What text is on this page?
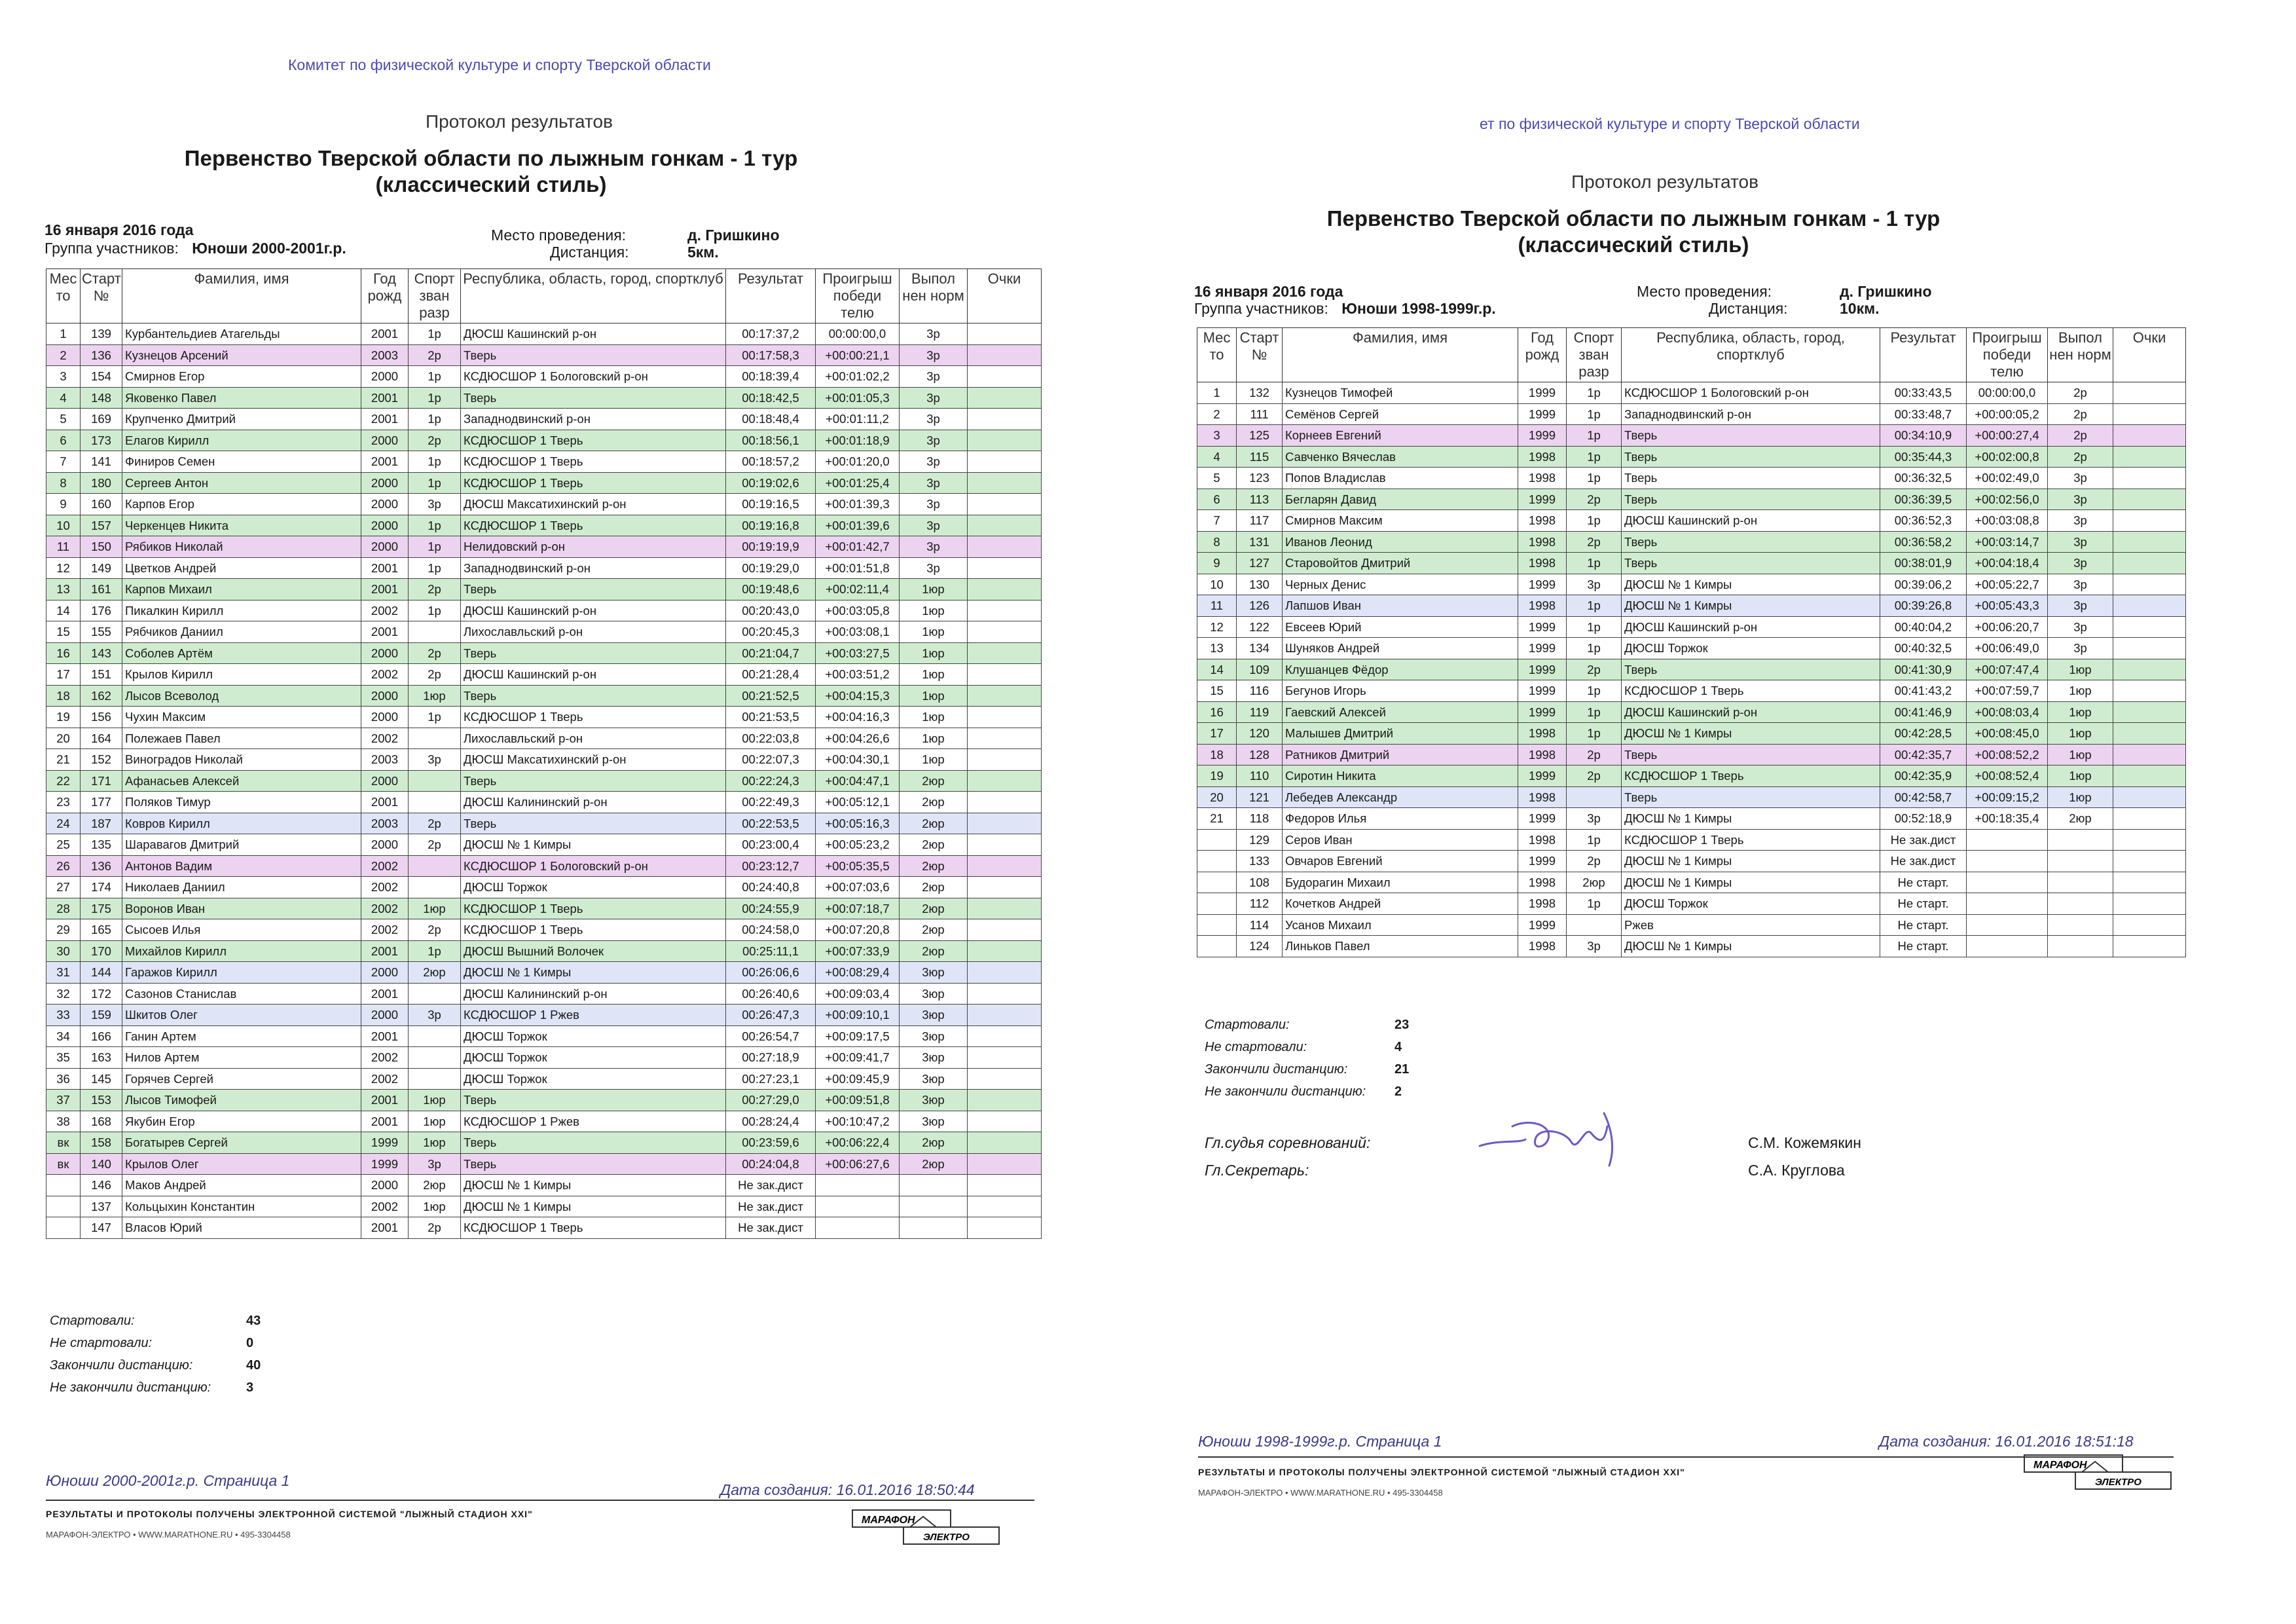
Комитет по физической культуре и спорту Тверской области
Протокол результатов
Первенство Тверской области по лыжным гонкам - 1 тур
(классический стиль)
16 января 2016 года
Группа участников: Юноши 2000-2001г.р.
Место проведения:	д. Гришкино
Дистанция:	5км.
Мес то	Старт №	Фамилия, имя	Год рожд	Спорт зван разр	Республика, область, город, спортклуб	Результат	Проигрыш победи телю	Выпол нен норм	Очки
1	139	Курбантельдиев Атагельды	2001	1р	ДЮСШ Кашинский р-он	00:17:37,2	00:00:00,0	3р	
2	136	Кузнецов Арсений	2003	2р	Тверь	00:17:58,3	+00:00:21,1	3р	
3	154	Смирнов Егор	2000	1р	КСДЮСШОР 1 Бологовский р-он	00:18:39,4	+00:01:02,2	3р	
4	148	Яковенко Павел	2001	1р	Тверь	00:18:42,5	+00:01:05,3	3р	
5	169	Крупченко Дмитрий	2001	1р	Западнодвинский р-он	00:18:48,4	+00:01:11,2	3р	
6	173	Елагов Кирилл	2000	2р	КСДЮСШОР 1 Тверь	00:18:56,1	+00:01:18,9	3р	
7	141	Финиров Семен	2001	1р	КСДЮСШОР 1 Тверь	00:18:57,2	+00:01:20,0	3р	
8	180	Сергеев Антон	2000	1р	КСДЮСШОР 1 Тверь	00:19:02,6	+00:01:25,4	3р	
9	160	Карпов Егор	2000	3р	ДЮСШ Максатихинский р-он	00:19:16,5	+00:01:39,3	3р	
10	157	Черкенцев Никита	2000	1р	КСДЮСШОР 1 Тверь	00:19:16,8	+00:01:39,6	3р	
11	150	Рябиков Николай	2000	1р	Нелидовский р-он	00:19:19,9	+00:01:42,7	3р	
12	149	Цветков Андрей	2001	1р	Западнодвинский р-он	00:19:29,0	+00:01:51,8	3р	
13	161	Карпов Михаил	2001	2р	Тверь	00:19:48,6	+00:02:11,4	1юр	
14	176	Пикалкин Кирилл	2002	1р	ДЮСШ Кашинский р-он	00:20:43,0	+00:03:05,8	1юр	
15	155	Рябчиков Даниил	2001		Лихославльский р-он	00:20:45,3	+00:03:08,1	1юр	
16	143	Соболев Артём	2000	2р	Тверь	00:21:04,7	+00:03:27,5	1юр	
17	151	Крылов Кирилл	2002	2р	ДЮСШ Кашинский р-он	00:21:28,4	+00:03:51,2	1юр	
18	162	Лысов Всеволод	2000	1юр	Тверь	00:21:52,5	+00:04:15,3	1юр	
19	156	Чухин Максим	2000	1р	КСДЮСШОР 1 Тверь	00:21:53,5	+00:04:16,3	1юр	
20	164	Полежаев Павел	2002		Лихославльский р-он	00:22:03,8	+00:04:26,6	1юр	
21	152	Виноградов Николай	2003	3р	ДЮСШ Максатихинский р-он	00:22:07,3	+00:04:30,1	1юр	
22	171	Афанасьев Алексей	2000		Тверь	00:22:24,3	+00:04:47,1	2юр	
23	177	Поляков Тимур	2001		ДЮСШ Калининский р-он	00:22:49,3	+00:05:12,1	2юр	
24	187	Ковров Кирилл	2003	2р	Тверь	00:22:53,5	+00:05:16,3	2юр	
25	135	Шаравагов Дмитрий	2000	2р	ДЮСШ № 1 Кимры	00:23:00,4	+00:05:23,2	2юр	
26	136	Антонов Вадим	2002		КСДЮСШОР 1 Бологовский р-он	00:23:12,7	+00:05:35,5	2юр	
27	174	Николаев Даниил	2002		ДЮСШ Торжок	00:24:40,8	+00:07:03,6	2юр	
28	175	Воронов Иван	2002	1юр	КСДЮСШОР 1 Тверь	00:24:55,9	+00:07:18,7	2юр	
29	165	Сысоев Илья	2002	2р	КСДЮСШОР 1 Тверь	00:24:58,0	+00:07:20,8	2юр	
30	170	Михайлов Кирилл	2001	1р	ДЮСШ Вышний Волочек	00:25:11,1	+00:07:33,9	2юр	
31	144	Гаражов Кирилл	2000	2юр	ДЮСШ № 1 Кимры	00:26:06,6	+00:08:29,4	3юр	
32	172	Сазонов Станислав	2001		ДЮСШ Калининский р-он	00:26:40,6	+00:09:03,4	3юр	
33	159	Шкитов Олег	2000	3р	КСДЮСШОР 1 Ржев	00:26:47,3	+00:09:10,1	3юр	
34	166	Ганин Артем	2001		ДЮСШ Торжок	00:26:54,7	+00:09:17,5	3юр	
35	163	Нилов Артем	2002		ДЮСШ Торжок	00:27:18,9	+00:09:41,7	3юр	
36	145	Горячев Сергей	2002		ДЮСШ Торжок	00:27:23,1	+00:09:45,9	3юр	
37	153	Лысов Тимофей	2001	1юр	Тверь	00:27:29,0	+00:09:51,8	3юр	
38	168	Якубин Егор	2001	1юр	КСДЮСШОР 1 Ржев	00:28:24,4	+00:10:47,2	3юр	
вк	158	Богатырев Сергей	1999	1юр	Тверь	00:23:59,6	+00:06:22,4	2юр	
вк	140	Крылов Олег	1999	3р	Тверь	00:24:04,8	+00:06:27,6	2юр	
	146	Маков Андрей	2000	2юр	ДЮСШ № 1 Кимры	Не зак.дист			
	137	Кольцыхин Константин	2002	1юр	ДЮСШ № 1 Кимры	Не зак.дист			
	147	Власов Юрий	2001	2р	КСДЮСШОР 1 Тверь	Не зак.дист			
Стартовали:	43
Не стартовали:	0
Закончили дистанцию:	40
Не закончили дистанцию:	3
Юноши 2000-2001г.р. Страница 1
Дата создания: 16.01.2016 18:50:44
РЕЗУЛЬТАТЫ И ПРОТОКОЛЫ ПОЛУЧЕНЫ ЭЛЕКТРОННОЙ СИСТЕМОЙ "ЛЫЖНЫЙ СТАДИОН XXI"
МАРАФОН-ЭЛЕКТРО • WWW.MARATHONE.RU • 495-3304458
МАРАФОН
ЭЛЕКТРО
ет по физической культуре и спорту Тверской области
Протокол результатов
Первенство Тверской области по лыжным гонкам - 1 тур
(классический стиль)
16 января 2016 года
Группа участников: Юноши 1998-1999г.р.
Место проведения:	д. Гришкино
Дистанция:	10км.
Мес то	Старт №	Фамилия, имя	Год рожд	Спорт зван разр	Республика, область, город, спортклуб	Результат	Проигрыш победи телю	Выпол нен норм	Очки
1	132	Кузнецов Тимофей	1999	1р	КСДЮСШОР 1 Бологовский р-он	00:33:43,5	00:00:00,0	2р	
2	111	Семёнов Сергей	1999	1р	Западнодвинский р-он	00:33:48,7	+00:00:05,2	2р	
3	125	Корнеев Евгений	1999	1р	Тверь	00:34:10,9	+00:00:27,4	2р	
4	115	Савченко Вячеслав	1998	1р	Тверь	00:35:44,3	+00:02:00,8	2р	
5	123	Попов Владислав	1998	1р	Тверь	00:36:32,5	+00:02:49,0	3р	
6	113	Бегларян Давид	1999	2р	Тверь	00:36:39,5	+00:02:56,0	3р	
7	117	Смирнов Максим	1998	1р	ДЮСШ Кашинский р-он	00:36:52,3	+00:03:08,8	3р	
8	131	Иванов Леонид	1998	2р	Тверь	00:36:58,2	+00:03:14,7	3р	
9	127	Старовойтов Дмитрий	1998	1р	Тверь	00:38:01,9	+00:04:18,4	3р	
10	130	Черных Денис	1999	3р	ДЮСШ № 1 Кимры	00:39:06,2	+00:05:22,7	3р	
11	126	Лапшов Иван	1998	1р	ДЮСШ № 1 Кимры	00:39:26,8	+00:05:43,3	3р	
12	122	Евсеев Юрий	1999	1р	ДЮСШ Кашинский р-он	00:40:04,2	+00:06:20,7	3р	
13	134	Шуняков Андрей	1999	1р	ДЮСШ Торжок	00:40:32,5	+00:06:49,0	3р	
14	109	Клушанцев Фёдор	1999	2р	Тверь	00:41:30,9	+00:07:47,4	1юр	
15	116	Бегунов Игорь	1999	1р	КСДЮСШОР 1 Тверь	00:41:43,2	+00:07:59,7	1юр	
16	119	Гаевский Алексей	1999	1р	ДЮСШ Кашинский р-он	00:41:46,9	+00:08:03,4	1юр	
17	120	Малышев Дмитрий	1998	1р	ДЮСШ № 1 Кимры	00:42:28,5	+00:08:45,0	1юр	
18	128	Ратников Дмитрий	1998	2р	Тверь	00:42:35,7	+00:08:52,2	1юр	
19	110	Сиротин Никита	1999	2р	КСДЮСШОР 1 Тверь	00:42:35,9	+00:08:52,4	1юр	
20	121	Лебедев Александр	1998		Тверь	00:42:58,7	+00:09:15,2	1юр	
21	118	Федоров Илья	1999	3р	ДЮСШ № 1 Кимры	00:52:18,9	+00:18:35,4	2юр	
	129	Серов Иван	1998	1р	КСДЮСШОР 1 Тверь	Не зак.дист			
	133	Овчаров Евгений	1999	2р	ДЮСШ № 1 Кимры	Не зак.дист			
	108	Будорагин Михаил	1998	2юр	ДЮСШ № 1 Кимры	Не старт.			
	112	Кочетков Андрей	1998	1р	ДЮСШ Торжок	Не старт.			
	114	Усанов Михаил	1999		Ржев	Не старт.			
	124	Линьков Павел	1998	3р	ДЮСШ № 1 Кимры	Не старт.			
Стартовали:	23
Не стартовали:	4
Закончили дистанцию:	21
Не закончили дистанцию: 2
Гл.судья соревнований:	С.М. Кожемякин
Гл.Секретарь:	С.А. Круглова
Юноши 1998-1999г.р. Страница 1	Дата создания: 16.01.2016 18:51:18
РЕЗУЛЬТАТЫ И ПРОТОКОЛЫ ПОЛУЧЕНЫ ЭЛЕКТРОННОЙ СИСТЕМОЙ "ЛЫЖНЫЙ СТАДИОН XXI"
МАРАФОН-ЭЛЕКТРО • WWW.MARATHONE.RU • 495-3304458
МАРАФОН
ЭЛЕКТРО
